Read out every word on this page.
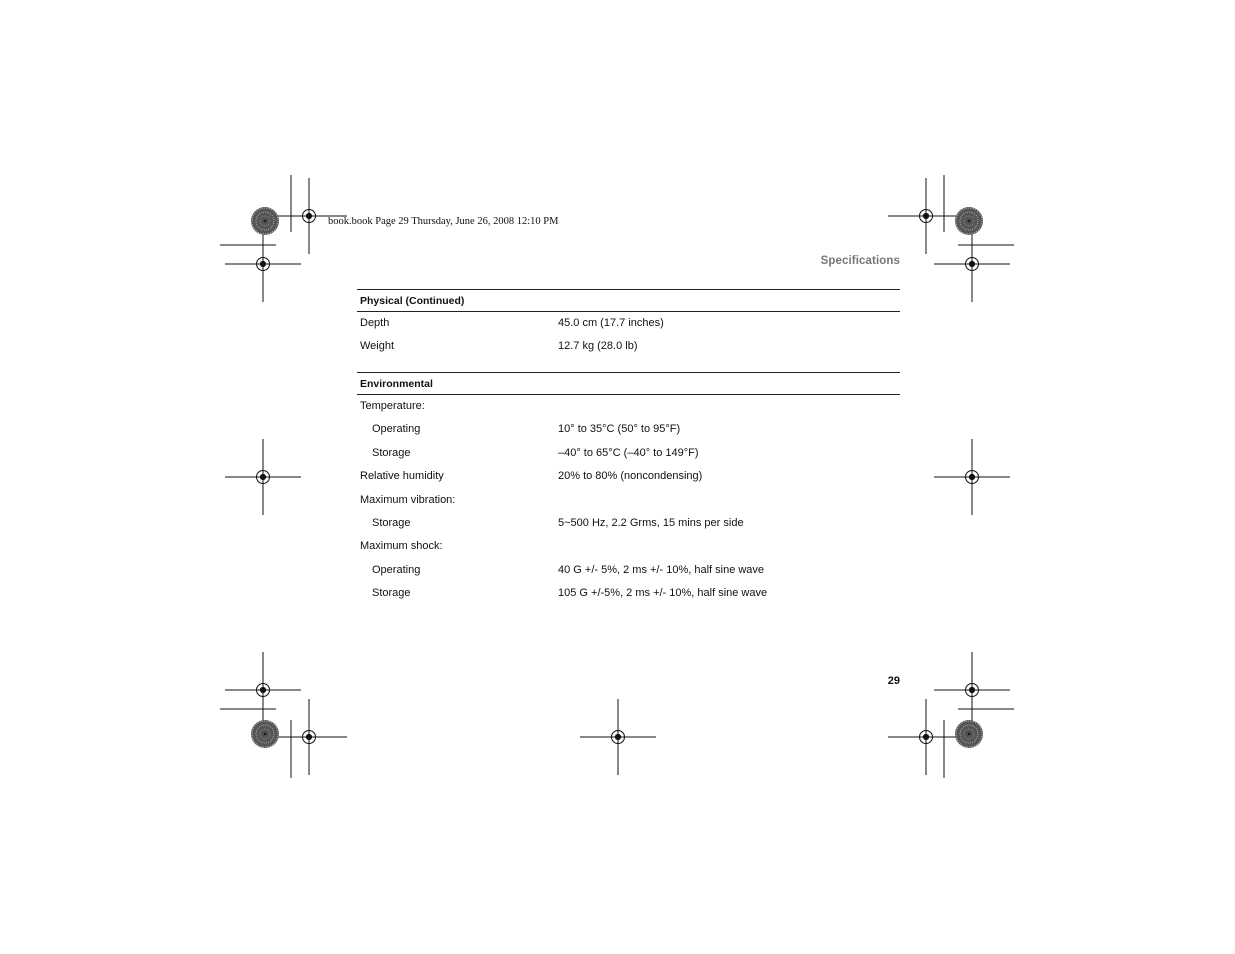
book.book Page 29 Thursday, June 26, 2008 12:10 PM
Specifications
Physical (Continued)
Depth	45.0 cm (17.7 inches)
Weight	12.7 kg (28.0 lb)
Environmental
Temperature:
Operating	10° to 35°C (50° to 95°F)
Storage	–40° to 65°C (–40° to 149°F)
Relative humidity	20% to 80% (noncondensing)
Maximum vibration:
Storage	5~500 Hz, 2.2 Grms, 15 mins per side
Maximum shock:
Operating	40 G +/- 5%, 2 ms +/- 10%, half sine wave
Storage	105 G +/-5%, 2 ms +/- 10%, half sine wave
29
